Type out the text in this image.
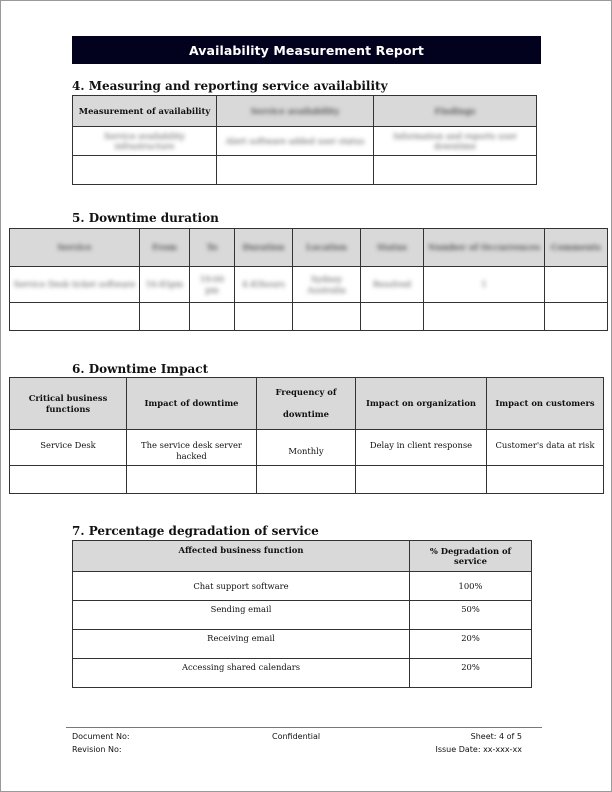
Availability Measurement Report
4. Measuring and reporting service availability
Measurement of availability	Service availability	Findings
Service availability infrastructure	Alert software added user status	Information and reports user downtime

5. Downtime duration
Service	From	To	Duration	Location	Status	Number of Occurrences	Comments
Service Desk ticket software	16:45pm	19:00 pm	4.45hours	Sydney Australia	Resolved	1	

6. Downtime Impact
Critical business functions	Impact of downtime	Frequency of downtime	Impact on organization	Impact on customers
Service Desk	The service desk server hacked	Monthly	Delay in client response	Customer's data at risk

7. Percentage degradation of service
Affected business function	% Degradation of service
Chat support software	100%
Sending email	50%
Receiving email	20%
Accessing shared calendars	20%
Document No:
Revision No:
Confidential	Sheet: 4 of 5
Issue Date: xx-xxx-xx
